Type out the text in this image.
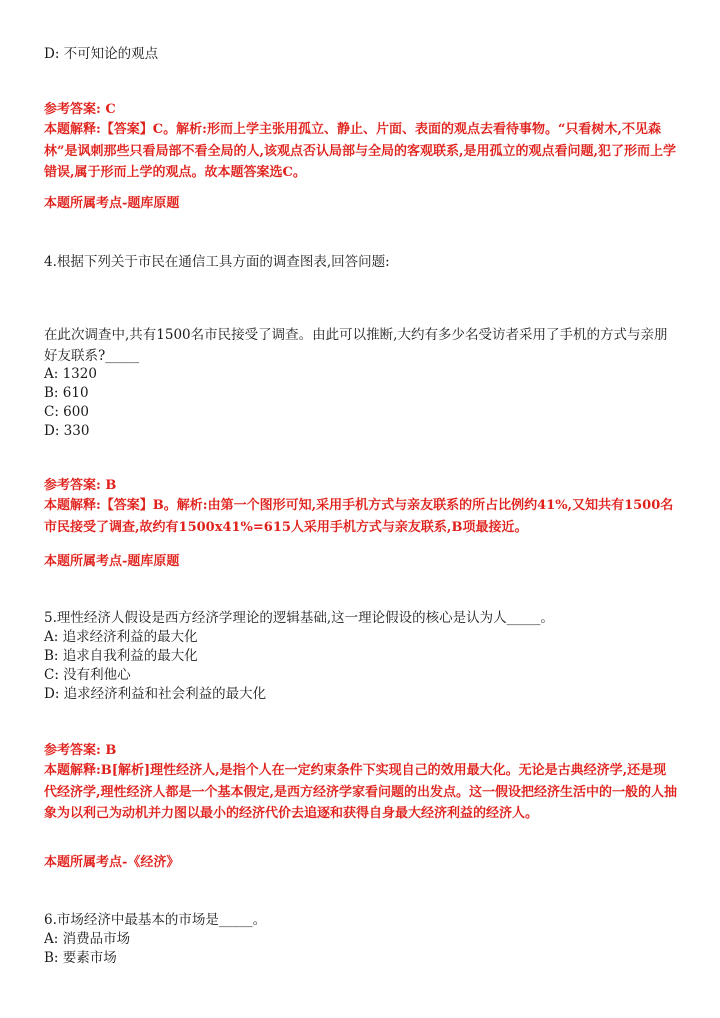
D: 不可知论的观点
参考答案: C
本题解释:【答案】C。解析:形而上学主张用孤立、静止、片面、表面的观点去看待事物。“只看树木,不见森林”是讽刺那些只看局部不看全局的人,该观点否认局部与全局的客观联系,是用孤立的观点看问题,犯了形而上学错误,属于形而上学的观点。故本题答案选C。
本题所属考点-题库原题
4.根据下列关于市民在通信工具方面的调查图表,回答问题:
在此次调查中,共有1500名市民接受了调查。由此可以推断,大约有多少名受访者采用了手机的方式与亲朋好友联系?_____
A: 1320
B: 610
C: 600
D: 330
参考答案: B
本题解释:【答案】B。解析:由第一个图形可知,采用手机方式与亲友联系的所占比例约41%,又知共有1500名市民接受了调查,故约有1500x41%=615人采用手机方式与亲友联系,B项最接近。
本题所属考点-题库原题
5.理性经济人假设是西方经济学理论的逻辑基础,这一理论假设的核心是认为人_____。
A: 追求经济利益的最大化
B: 追求自我利益的最大化
C: 没有利他心
D: 追求经济利益和社会利益的最大化
参考答案: B
本题解释:B[解析]理性经济人,是指个人在一定约束条件下实现自己的效用最大化。无论是古典经济学,还是现代经济学,理性经济人都是一个基本假定,是西方经济学家看问题的出发点。这一假设把经济生活中的一般的人抽象为以利己为动机并力图以最小的经济代价去追逐和获得自身最大经济利益的经济人。
本题所属考点-《经济》
6.市场经济中最基本的市场是_____。
A: 消费品市场
B: 要素市场
